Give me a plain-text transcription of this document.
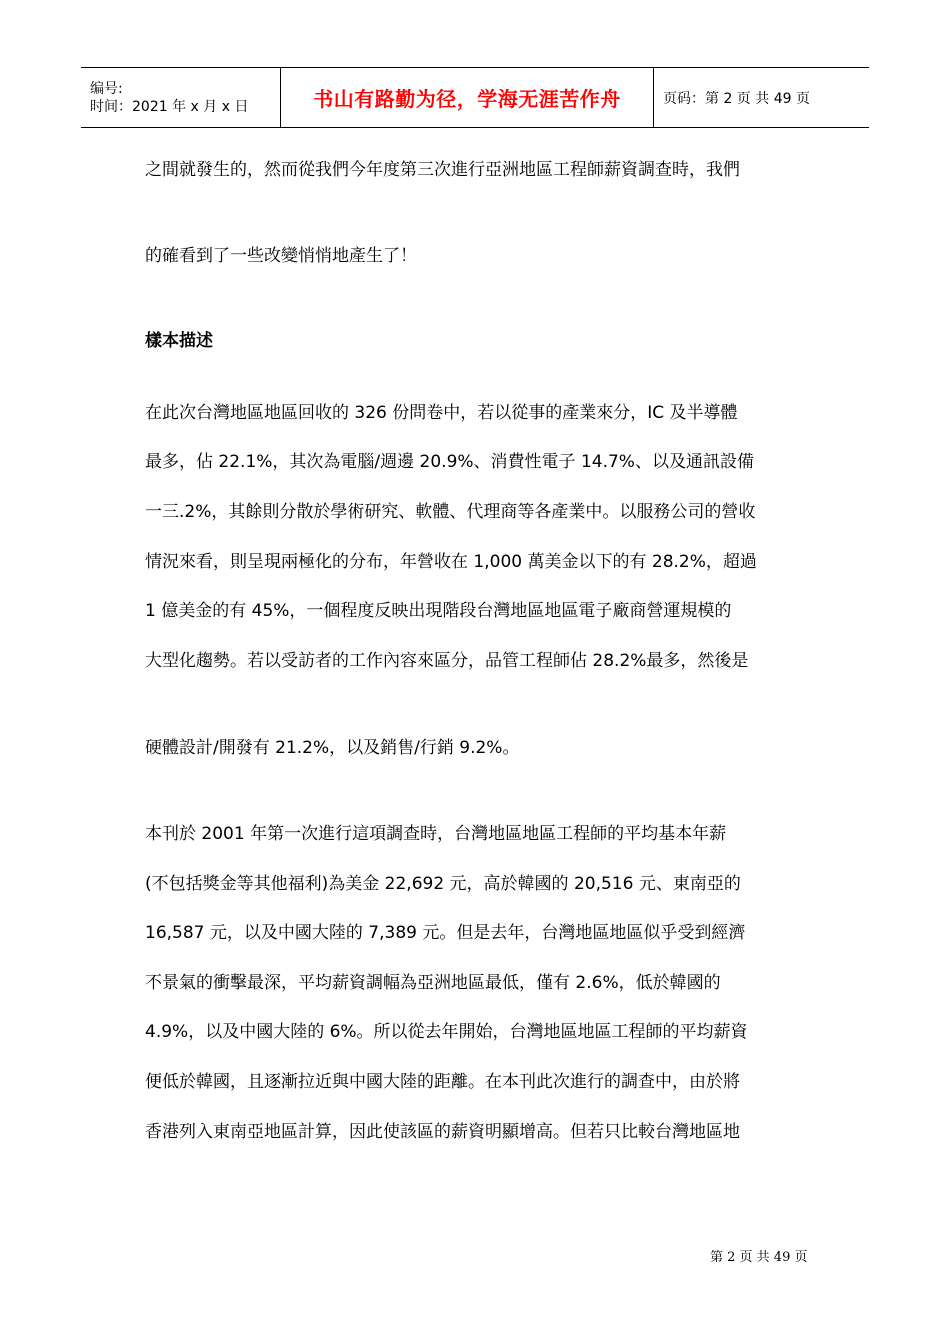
编号:
时间：2021 年 x 月 x 日	书山有路勤为径，学海无涯苦作舟	页码：第 2 页 共 49 页
之間就發生的，然而從我們今年度第三次進行亞洲地區工程師薪資調查時，我們
的確看到了一些改變悄悄地產生了！
樣本描述
在此次台灣地區地區回收的 326 份問卷中，若以從事的產業來分，IC 及半導體
最多，佔 22.1%，其次為電腦/週邊 20.9%、消費性電子 14.7%、以及通訊設備
一三.2%，其餘則分散於學術研究、軟體、代理商等各產業中。以服務公司的營收
情況來看，則呈現兩極化的分布，年營收在 1,000 萬美金以下的有 28.2%，超過
1 億美金的有 45%，一個程度反映出現階段台灣地區地區電子廠商營運規模的
大型化趨勢。若以受訪者的工作內容來區分，品管工程師佔 28.2%最多，然後是
硬體設計/開發有 21.2%，以及銷售/行銷 9.2%。
本刊於 2001 年第一次進行這項調查時，台灣地區地區工程師的平均基本年薪
(不包括獎金等其他福利)為美金 22,692 元，高於韓國的 20,516 元、東南亞的
16,587 元，以及中國大陸的 7,389 元。但是去年，台灣地區地區似乎受到經濟
不景氣的衝擊最深，平均薪資調幅為亞洲地區最低，僅有 2.6%，低於韓國的
4.9%，以及中國大陸的 6%。所以從去年開始，台灣地區地區工程師的平均薪資
便低於韓國，且逐漸拉近與中國大陸的距離。在本刊此次進行的調查中，由於將
香港列入東南亞地區計算，因此使該區的薪資明顯增高。但若只比較台灣地區地
第 2 页 共 49 页
